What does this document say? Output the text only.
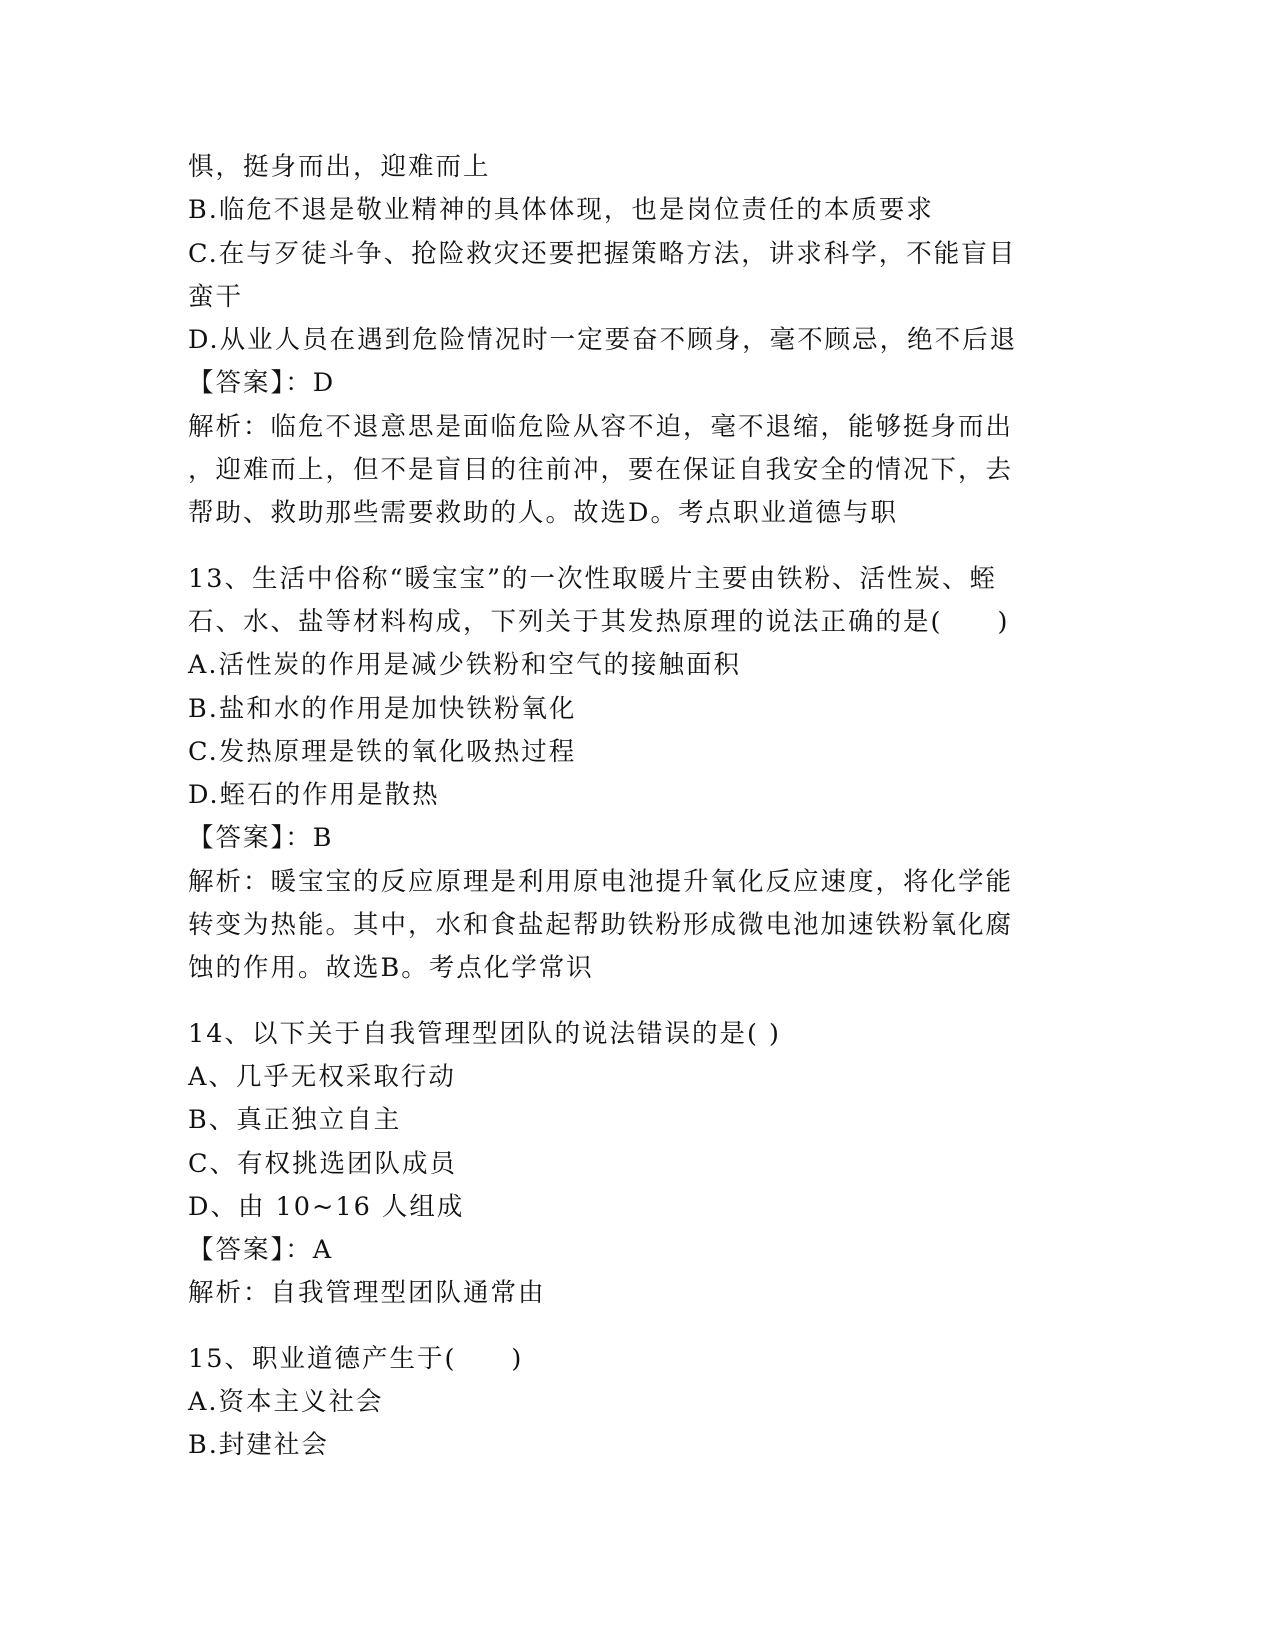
惧，挺身而出，迎难而上
B.临危不退是敬业精神的具体体现，也是岗位责任的本质要求
C.在与歹徒斗争、抢险救灾还要把握策略方法，讲求科学，不能盲目
蛮干
D.从业人员在遇到危险情况时一定要奋不顾身，毫不顾忌，绝不后退
【答案】：D
解析：临危不退意思是面临危险从容不迫，毫不退缩，能够挺身而出
，迎难而上，但不是盲目的往前冲，要在保证自我安全的情况下，去
帮助、救助那些需要救助的人。故选D。考点职业道德与职
13、生活中俗称“暖宝宝”的一次性取暖片主要由铁粉、活性炭、蛭
石、水、盐等材料构成，下列关于其发热原理的说法正确的是(　　)
A.活性炭的作用是减少铁粉和空气的接触面积
B.盐和水的作用是加快铁粉氧化
C.发热原理是铁的氧化吸热过程
D.蛭石的作用是散热
【答案】：B
解析：暖宝宝的反应原理是利用原电池提升氧化反应速度，将化学能
转变为热能。其中，水和食盐起帮助铁粉形成微电池加速铁粉氧化腐
蚀的作用。故选B。考点化学常识
14、以下关于自我管理型团队的说法错误的是( )
A、几乎无权采取行动
B、真正独立自主
C、有权挑选团队成员
D、由 10~16 人组成
【答案】：A
解析：自我管理型团队通常由
15、职业道德产生于(　　)
A.资本主义社会
B.封建社会
